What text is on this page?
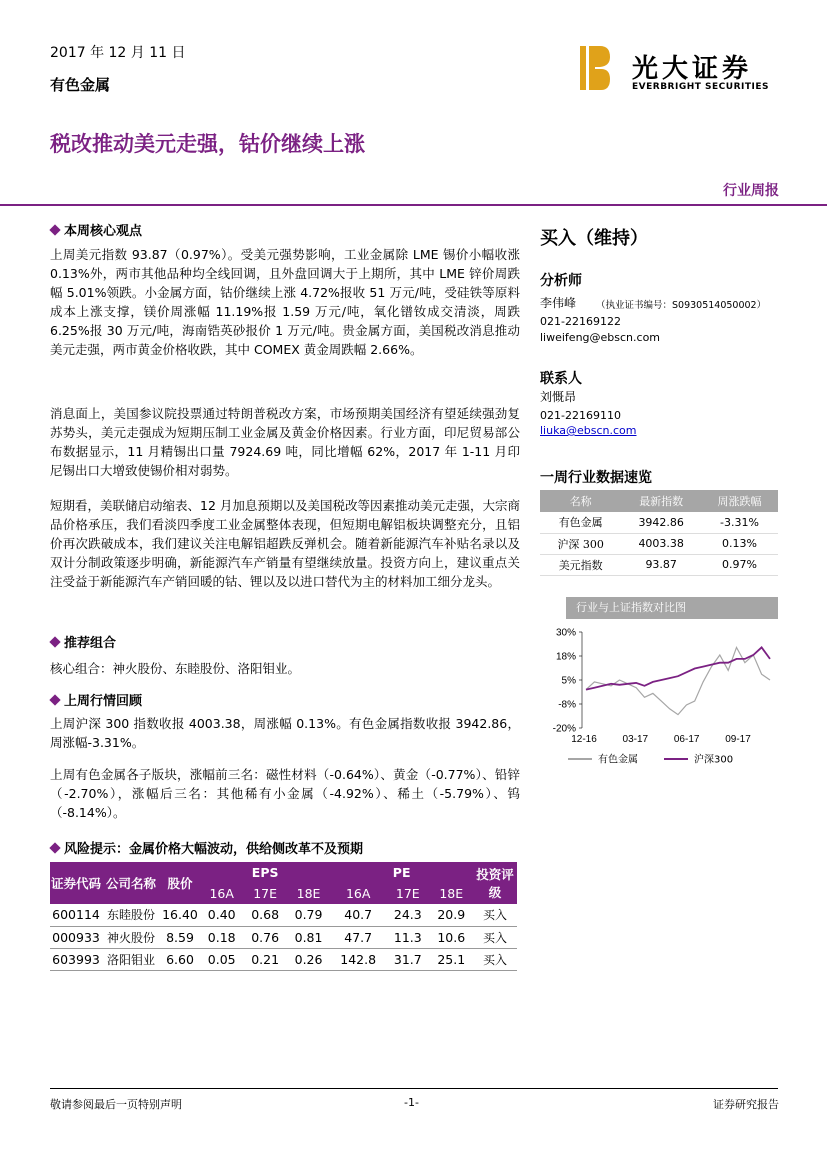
2017 年 12 月 11 日
有色金属
光大证券
EVERBRIGHT SECURITIES
税改推动美元走强，钴价继续上涨
行业周报
本周核心观点
上周美元指数 93.87（0.97%）。受美元强势影响，工业金属除 LME 锡价小幅收涨 0.13%外，两市其他品种均全线回调，且外盘回调大于上期所，其中 LME 锌价周跌幅 5.01%领跌。小金属方面，钴价继续上涨 4.72%报收 51 万元/吨，受硅铁等原料成本上涨支撑，镁价周涨幅 11.19%报 1.59 万元/吨，氧化镨钕成交清淡，周跌 6.25%报 30 万元/吨，海南锆英砂报价 1 万元/吨。贵金属方面，美国税改消息推动美元走强，两市黄金价格收跌，其中 COMEX 黄金周跌幅 2.66%。
消息面上，美国参议院投票通过特朗普税改方案，市场预期美国经济有望延续强劲复苏势头，美元走强成为短期压制工业金属及黄金价格因素。行业方面，印尼贸易部公布数据显示，11 月精锡出口量 7924.69 吨，同比增幅 62%，2017 年 1-11 月印尼锡出口大增致使锡价相对弱势。
短期看，美联储启动缩表、12 月加息预期以及美国税改等因素推动美元走强，大宗商品价格承压，我们看淡四季度工业金属整体表现，但短期电解铝板块调整充分，且铝价再次跌破成本，我们建议关注电解铝超跌反弹机会。随着新能源汽车补贴名录以及双计分制政策逐步明确，新能源汽车产销量有望继续放量。投资方向上，建议重点关注受益于新能源汽车产销回暖的钴、锂以及以进口替代为主的材料加工细分龙头。
推荐组合
核心组合：神火股份、东睦股份、洛阳钼业。
上周行情回顾
上周沪深 300 指数收报 4003.38，周涨幅 0.13%。有色金属指数收报 3942.86，周涨幅-3.31%。
上周有色金属各子版块，涨幅前三名：磁性材料（-0.64%）、黄金（-0.77%）、铅锌（-2.70%），涨幅后三名：其他稀有小金属（-4.92%）、稀土（-5.79%）、钨（-8.14%）。
风险提示：金属价格大幅波动，供给侧改革不及预期
证券代码	公司名称	股价	EPS			PE			投资评级
			16A	17E	18E	16A	17E	18E	
600114	东睦股份	16.40	0.40	0.68	0.79	40.7	24.3	20.9	买入
000933	神火股份	8.59	0.18	0.76	0.81	47.7	11.3	10.6	买入
603993	洛阳钼业	6.60	0.05	0.21	0.26	142.8	31.7	25.1	买入
买入（维持）
分析师
李伟峰 （执业证书编号：S0930514050002）
021-22169122
liweifeng@ebscn.com
联系人
刘慨昂
021-22169110
liuka@ebscn.com
一周行业数据速览
名称	最新指数	周涨跌幅
有色金属	3942.86	-3.31%
沪深 300	4003.38	0.13%
美元指数	93.87	0.97%
行业与上证指数对比图
30%
18%
5%
-8%
-20%
12-16	03-17	06-17	09-17
有色金属	沪深300
敬请参阅最后一页特别声明	-1-	证券研究报告
